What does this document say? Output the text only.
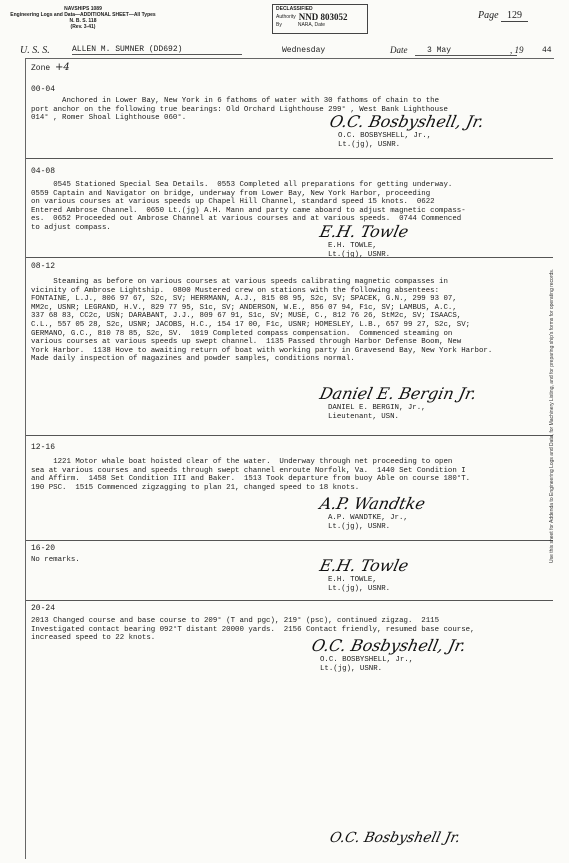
NAVSHIPS 1089
Engineering Logs and Data—ADDITIONAL SHEET—All Types
N. B. S. 118
(Rev. 3-41)
DECLASSIFIED
Authority NND 803052
By	NARA, Date
Page 129
U. S. S.	ALLEN M. SUMNER (DD692)	Wednesday	Date	3 May	, 19 44
Zone +4
00-04

Anchored in Lower Bay, New York in 6 fathoms of water with 30 fathoms of chain to the

port anchor on the following true bearings: Old Orchard Lighthouse 299° , West Bank Lighthouse

014° , Romer Shoal Lighthouse 060°.	O.C. Bosbyshell, Jr.
O.C. BOSBYSHELL, Jr.,
Lt.(jg), USNR.
04-08

0545 Stationed Special Sea Details.  0553 Completed all preparations for getting underway.

0559 Captain and Navigator on bridge, underway from Lower Bay, New York Harbor, proceeding

on various courses at various speeds up Chapel Hill Channel, standard speed 15 knots.  0622

Entered Ambrose Channel.  0650 Lt.(jg) A.H. Mann and party came aboard to adjust magnetic compass-

es.  0652 Proceeded out Ambrose Channel at various courses and at various speeds.  0744 Commenced

to adjust compass.	E.H. Towle
E.H. TOWLE,
Lt.(jg), USNR.
08-12

Steaming as before on various courses at various speeds calibrating magnetic compasses in

vicinity of Ambrose Lightship.  0800 Mustered crew on stations with the following absentees:

FONTAINE, L.J., 806 97 67, S2c, SV; HERRMANN, A.J., 815 08 95, S2c, SV; SPACEK, G.N., 299 93 07,

MM2c, USNR; LEGRAND, H.V., 829 77 95, S1c, SV; ANDERSON, W.E., 856 07 94, F1c, SV; LAMBUS, A.C.,

337 68 83, CC2c, USN; DARABANT, J.J., 809 67 91, S1c, SV; MUSE, C., 812 76 26, StM2c, SV; ISAACS,

C.L., 557 05 28, S2c, USNR; JACOBS, H.C., 154 17 00, F1c, USNR; HOMESLEY, L.B., 657 99 27, S2c, SV;

GERMANO, G.C., 810 78 85, S2c, SV.  1019 Completed compass compensation.  Commenced steaming on

various courses at various speeds up swept channel.  1135 Passed through Harbor Defense Boom, New

York Harbor.  1138 Hove to awaiting return of boat with working party in Gravesend Bay, New York Harbor.

Made daily inspection of magazines and powder samples, conditions normal.

Daniel E. Bergin Jr.
DANIEL E. BERGIN, Jr.,
Lieutenant, USN.
12-16

1221 Motor whale boat hoisted clear of the water.  Underway through net proceeding to open

sea at various courses and speeds through swept channel enroute Norfolk, Va.  1440 Set Condition I

and Affirm.  1458 Set Condition III and Baker.  1513 Took departure from buoy Able on course 180°T.

190 PSC.  1515 Commenced zigzagging to plan 21, changed speed to 18 knots.

A.P. Wandtke
A.P. WANDTKE, Jr.,
Lt.(jg), USNR.
16-20

No remarks.	E.H. Towle
E.H. TOWLE,
Lt.(jg), USNR.
20-24

2013 Changed course and base course to 209° (T and pgc), 219° (psc), continued zigzag.  2115

Investigated contact bearing 092°T distant 20000 yards.  2156 Contact friendly, resumed base course,

increased speed to 22 knots.	O.C. Bosbyshell, Jr.
O.C. BOSBYSHELL, Jr.,
Lt.(jg), USNR.
O.C. Bosbyshell Jr.
Use this sheet for Addenda to Engineering Logs and Data, for Machinery Listing, and for preparing ship's forms for operating records.
